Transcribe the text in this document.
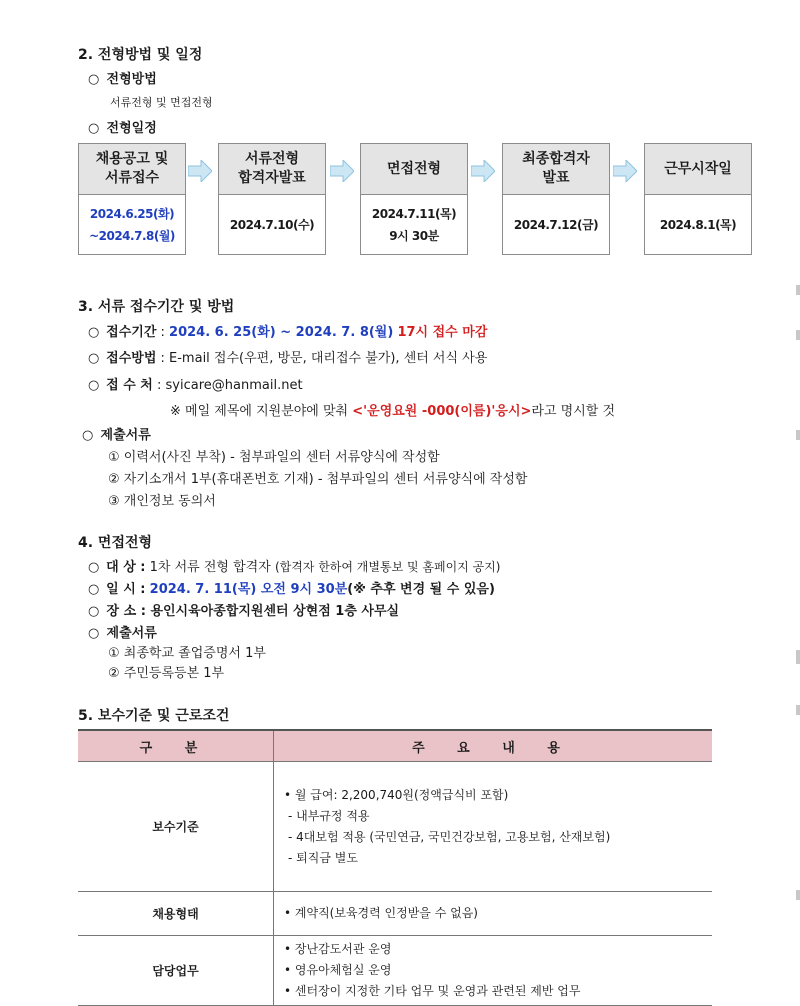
2. 전형방법 및 일정
○ 전형방법
서류전형 및 면접전형
○ 전형일정
채용공고 및
서류접수
2024.6.25(화)
~2024.7.8(월)
서류전형
합격자발표
2024.7.10(수)
면접전형
2024.7.11(목)
9시 30분
최종합격자
발표
2024.7.12(금)
근무시작일
2024.8.1(목)
3. 서류 접수기간 및 방법
○ 접수기간 : 2024. 6. 25(화) ~ 2024. 7. 8(월) 17시 접수 마감
○ 접수방법 : E-mail 접수(우편, 방문, 대리접수 불가), 센터 서식 사용
○ 접 수 처 : syicare@hanmail.net
※ 메일 제목에 지원분야에 맞춰 <'운영요원 -000(이름)'응시>라고 명시할 것
○ 제출서류
① 이력서(사진 부착) - 첨부파일의 센터 서류양식에 작성함
② 자기소개서 1부(휴대폰번호 기재) - 첨부파일의 센터 서류양식에 작성함
③ 개인정보 동의서
4. 면접전형
○ 대 상 : 1차 서류 전형 합격자 (합격자 한하여 개별통보 및 홈페이지 공지)
○ 일 시 : 2024. 7. 11(목) 오전 9시 30분(※ 추후 변경 될 수 있음)
○ 장 소 : 용인시육아종합지원센터 상현점 1층 사무실
○ 제출서류
① 최종학교 졸업증명서 1부
② 주민등록등본 1부
5. 보수기준 및 근로조건
구 분	주 요 내 용
보수기준	• 월 급여: 2,200,740원(정액급식비 포함)
- 내부규정 적용
- 4대보험 적용 (국민연금, 국민건강보험, 고용보험, 산재보험)
- 퇴직금 별도

채용형태	• 계약직(보육경력 인정받을 수 없음)

담당업무	• 장난감도서관 운영
• 영유아체험실 운영
• 센터장이 지정한 기타 업무 및 운영과 관련된 제반 업무
